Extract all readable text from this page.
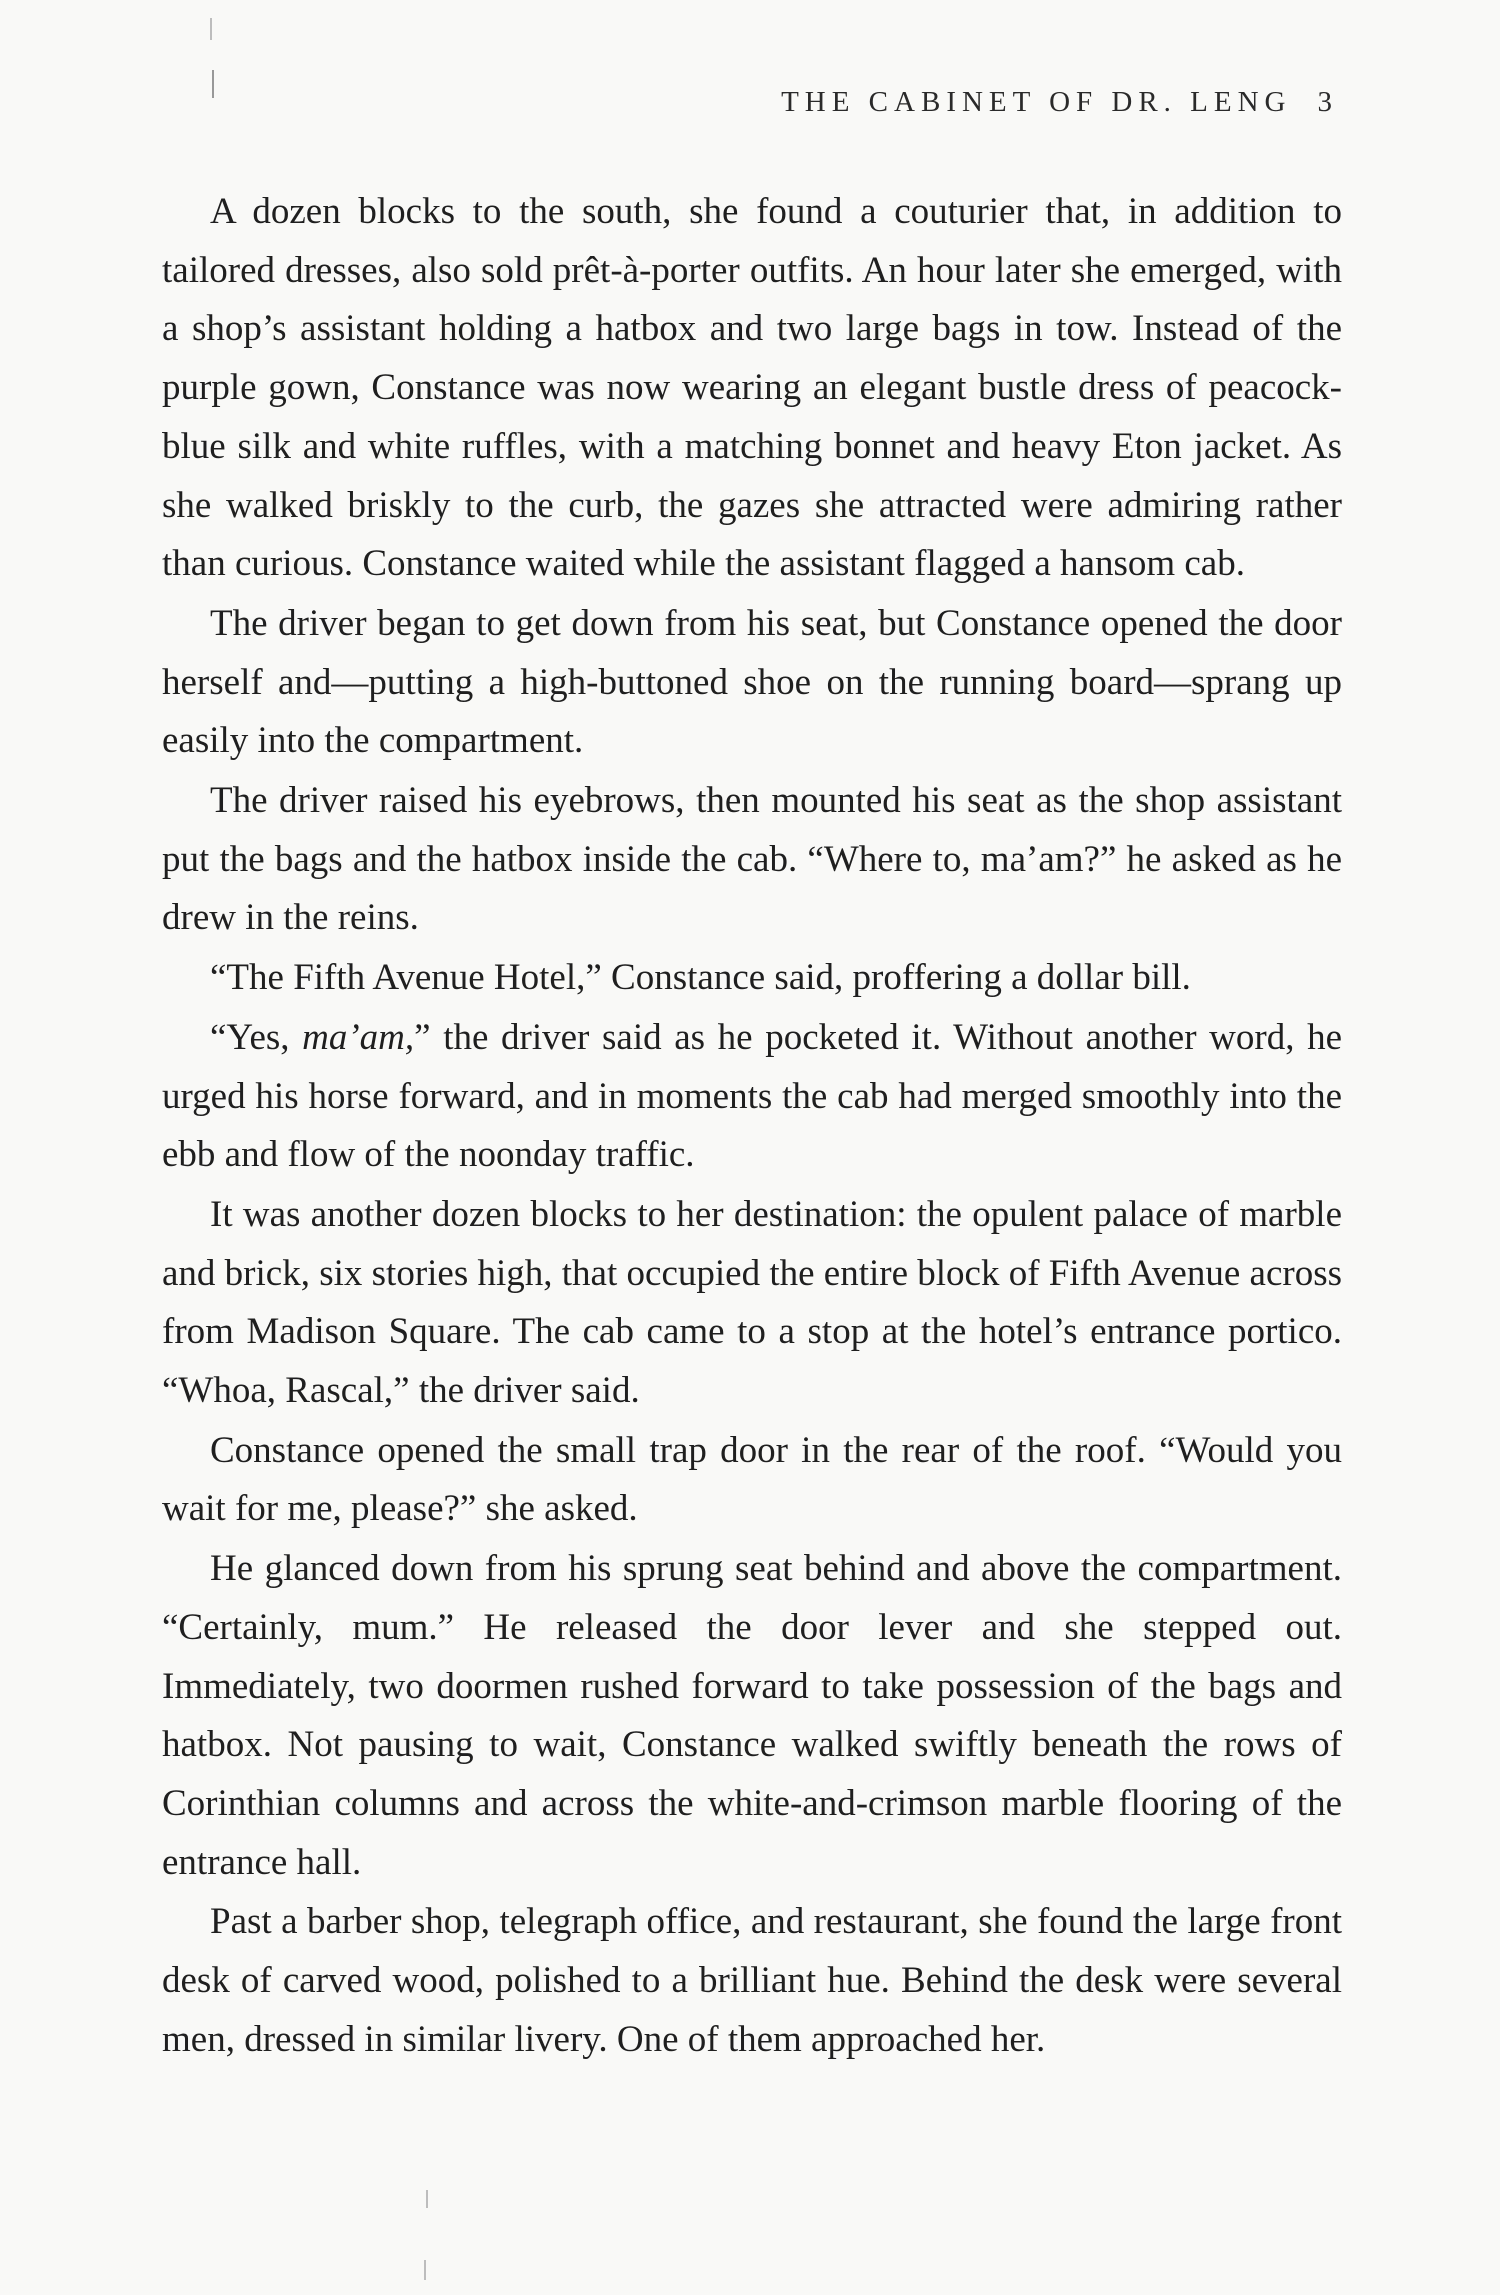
THE CABINET OF DR. LENG 3

A dozen blocks to the south, she found a couturier that, in addition to tailored dresses, also sold prêt-à-porter outfits. An hour later she emerged, with a shop’s assistant holding a hatbox and two large bags in tow. Instead of the purple gown, Constance was now wearing an elegant bustle dress of peacock-blue silk and white ruffles, with a matching bonnet and heavy Eton jacket. As she walked briskly to the curb, the gazes she attracted were admiring rather than curious. Constance waited while the assistant flagged a hansom cab.

The driver began to get down from his seat, but Constance opened the door herself and—putting a high-buttoned shoe on the running board—sprang up easily into the compartment.

The driver raised his eyebrows, then mounted his seat as the shop assistant put the bags and the hatbox inside the cab. “Where to, ma’am?” he asked as he drew in the reins.

“The Fifth Avenue Hotel,” Constance said, proffering a dollar bill.

“Yes, ma’am,” the driver said as he pocketed it. Without another word, he urged his horse forward, and in moments the cab had merged smoothly into the ebb and flow of the noonday traffic.

It was another dozen blocks to her destination: the opulent palace of marble and brick, six stories high, that occupied the entire block of Fifth Avenue across from Madison Square. The cab came to a stop at the hotel’s entrance portico. “Whoa, Rascal,” the driver said.

Constance opened the small trap door in the rear of the roof. “Would you wait for me, please?” she asked.

He glanced down from his sprung seat behind and above the compartment. “Certainly, mum.” He released the door lever and she stepped out. Immediately, two doormen rushed forward to take possession of the bags and hatbox. Not pausing to wait, Constance walked swiftly beneath the rows of Corinthian columns and across the white-and-crimson marble flooring of the entrance hall.

Past a barber shop, telegraph office, and restaurant, she found the large front desk of carved wood, polished to a brilliant hue. Behind the desk were several men, dressed in similar livery. One of them approached her.
